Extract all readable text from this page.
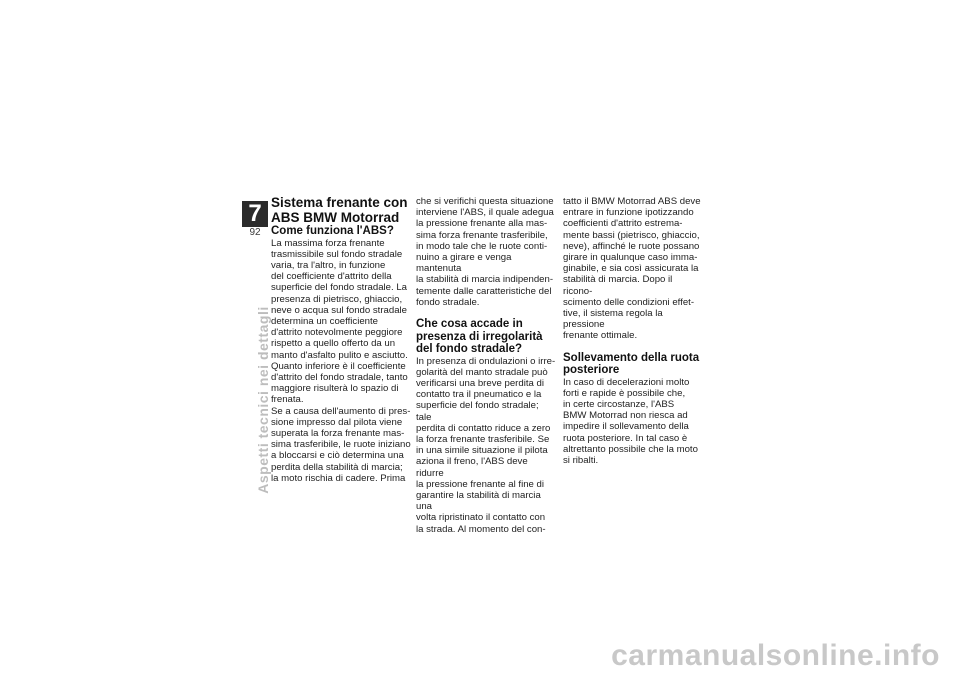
7
92
Aspetti tecnici nei dettagli
Sistema frenante con
ABS BMW Motorrad
Come funziona l'ABS?
La massima forza frenante
trasmissibile sul fondo stradale
varia, tra l'altro, in funzione
del coefficiente d'attrito della
superficie del fondo stradale. La
presenza di pietrisco, ghiaccio,
neve o acqua sul fondo stradale
determina un coefficiente
d'attrito notevolmente peggiore
rispetto a quello offerto da un
manto d'asfalto pulito e asciutto.
Quanto inferiore è il coefficiente
d'attrito del fondo stradale, tanto
maggiore risulterà lo spazio di
frenata.
Se a causa dell'aumento di pres-
sione impresso dal pilota viene
superata la forza frenante mas-
sima trasferibile, le ruote iniziano
a bloccarsi e ciò determina una
perdita della stabilità di marcia;
la moto rischia di cadere. Prima
che si verifichi questa situazione
interviene l'ABS, il quale adegua
la pressione frenante alla mas-
sima forza frenante trasferibile,
in modo tale che le ruote conti-
nuino a girare e venga mantenuta
la stabilità di marcia indipenden-
temente dalle caratteristiche del
fondo stradale.
Che cosa accade in
presenza di irregolarità
del fondo stradale?
In presenza di ondulazioni o irre-
golarità del manto stradale può
verificarsi una breve perdita di
contatto tra il pneumatico e la
superficie del fondo stradale; tale
perdita di contatto riduce a zero
la forza frenante trasferibile. Se
in una simile situazione il pilota
aziona il freno, l'ABS deve ridurre
la pressione frenante al fine di
garantire la stabilità di marcia una
volta ripristinato il contatto con
la strada. Al momento del con-
tatto il BMW Motorrad ABS deve
entrare in funzione ipotizzando
coefficienti d'attrito estrema-
mente bassi (pietrisco, ghiaccio,
neve), affinché le ruote possano
girare in qualunque caso imma-
ginabile, e sia così assicurata la
stabilità di marcia. Dopo il ricono-
scimento delle condizioni effet-
tive, il sistema regola la pressione
frenante ottimale.
Sollevamento della ruota
posteriore
In caso di decelerazioni molto
forti e rapide è possibile che,
in certe circostanze, l'ABS
BMW Motorrad non riesca ad
impedire il sollevamento della
ruota posteriore. In tal caso è
altrettanto possibile che la moto
si ribalti.
carmanualsonline.info
